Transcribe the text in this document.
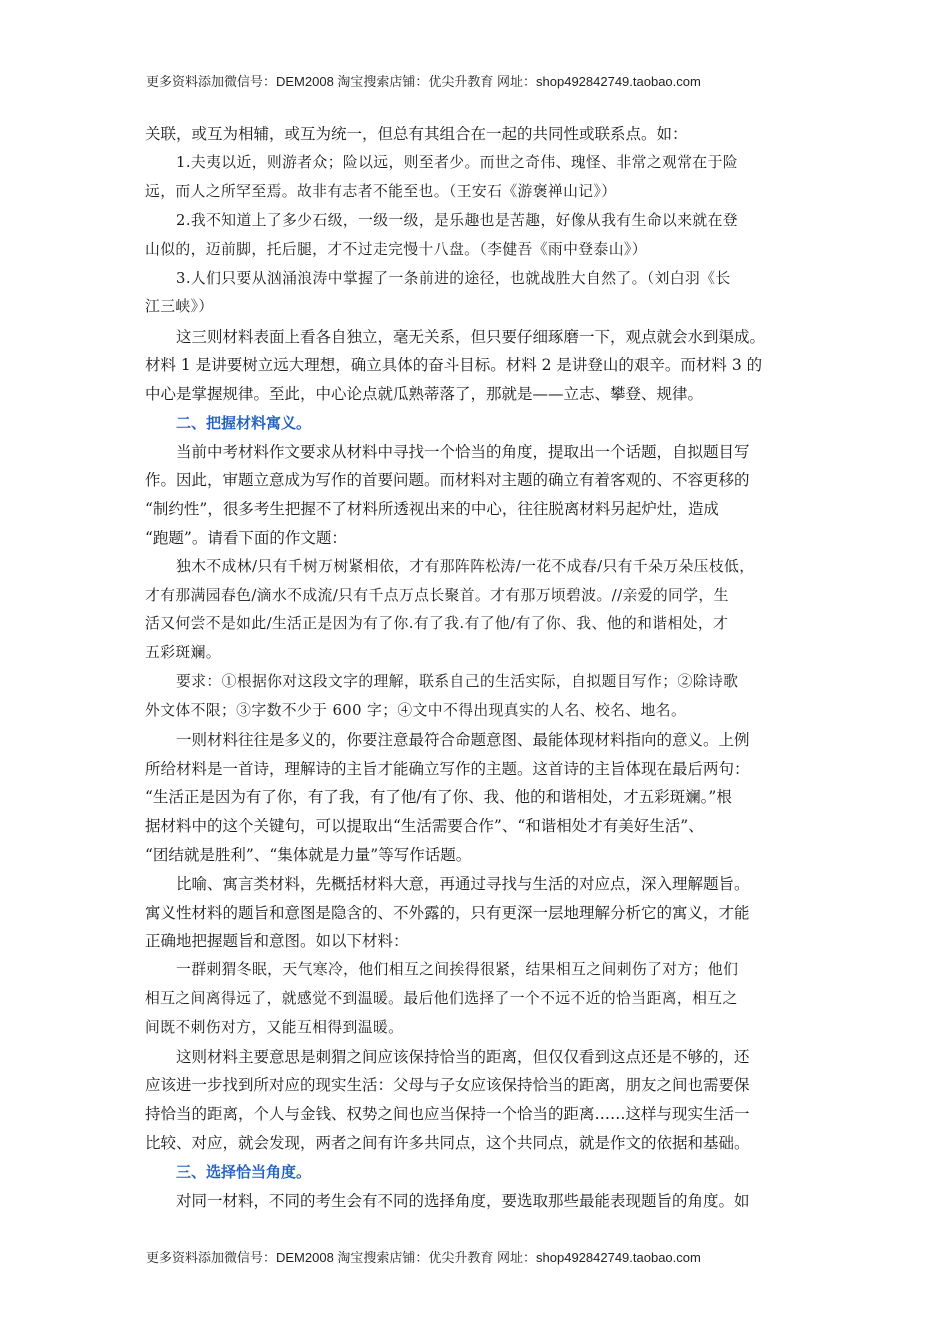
更多资料添加微信号：DEM2008 淘宝搜索店铺：优尖升教育 网址：shop492842749.taobao.com
关联，或互为相辅，或互为统一，但总有其组合在一起的共同性或联系点。如：
1.夫夷以近，则游者众；险以远，则至者少。而世之奇伟、瑰怪、非常之观常在于险
远，而人之所罕至焉。故非有志者不能至也。（王安石《游褒禅山记》）
2.我不知道上了多少石级，一级一级，是乐趣也是苦趣，好像从我有生命以来就在登
山似的，迈前脚，托后腿，才不过走完慢十八盘。（李健吾《雨中登泰山》）
3.人们只要从汹涌浪涛中掌握了一条前进的途径，也就战胜大自然了。（刘白羽《长
江三峡》）
这三则材料表面上看各自独立，毫无关系，但只要仔细琢磨一下，观点就会水到渠成。
材料 1 是讲要树立远大理想，确立具体的奋斗目标。材料 2 是讲登山的艰辛。而材料 3 的
中心是掌握规律。至此，中心论点就瓜熟蒂落了，那就是——立志、攀登、规律。
二、把握材料寓义。
当前中考材料作文要求从材料中寻找一个恰当的角度，提取出一个话题，自拟题目写
作。因此，审题立意成为写作的首要问题。而材料对主题的确立有着客观的、不容更移的
“制约性”，很多考生把握不了材料所透视出来的中心，往往脱离材料另起炉灶，造成
“跑题”。请看下面的作文题：
独木不成林/只有千树万树紧相依，才有那阵阵松涛/一花不成春/只有千朵万朵压枝低，
才有那满园春色/滴水不成流/只有千点万点长聚首。才有那万顷碧波。//亲爱的同学，生
活又何尝不是如此/生活正是因为有了你.有了我.有了他/有了你、我、他的和谐相处，才
五彩斑斓。
要求：①根据你对这段文字的理解，联系自己的生活实际，自拟题目写作；②除诗歌
外文体不限；③字数不少于 600 字；④文中不得出现真实的人名、校名、地名。
一则材料往往是多义的，你要注意最符合命题意图、最能体现材料指向的意义。上例
所给材料是一首诗，理解诗的主旨才能确立写作的主题。这首诗的主旨体现在最后两句：
“生活正是因为有了你，有了我，有了他/有了你、我、他的和谐相处，才五彩斑斓。”根
据材料中的这个关键句，可以提取出“生活需要合作”、“和谐相处才有美好生活”、
“团结就是胜利”、“集体就是力量”等写作话题。
比喻、寓言类材料，先概括材料大意，再通过寻找与生活的对应点，深入理解题旨。
寓义性材料的题旨和意图是隐含的、不外露的，只有更深一层地理解分析它的寓义，才能
正确地把握题旨和意图。如以下材料：
一群刺猬冬眠，天气寒冷，他们相互之间挨得很紧，结果相互之间刺伤了对方；他们
相互之间离得远了，就感觉不到温暖。最后他们选择了一个不远不近的恰当距离，相互之
间既不刺伤对方，又能互相得到温暖。
这则材料主要意思是刺猬之间应该保持恰当的距离，但仅仅看到这点还是不够的，还
应该进一步找到所对应的现实生活：父母与子女应该保持恰当的距离，朋友之间也需要保
持恰当的距离，个人与金钱、权势之间也应当保持一个恰当的距离……这样与现实生活一
比较、对应，就会发现，两者之间有许多共同点，这个共同点，就是作文的依据和基础。
三、选择恰当角度。
对同一材料，不同的考生会有不同的选择角度，要选取那些最能表现题旨的角度。如
更多资料添加微信号：DEM2008 淘宝搜索店铺：优尖升教育 网址：shop492842749.taobao.com
